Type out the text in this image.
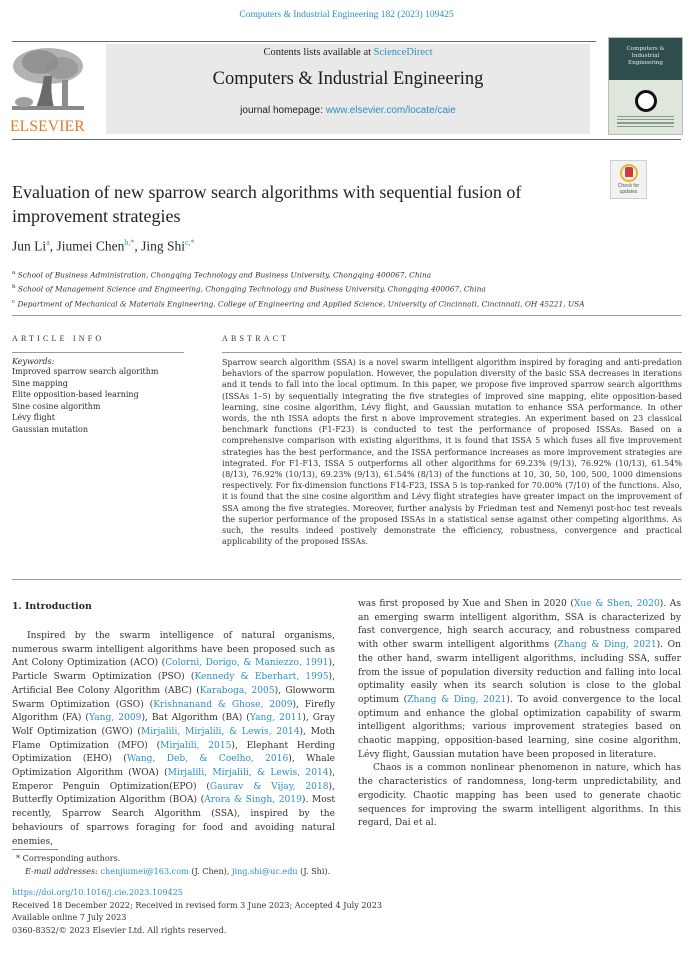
Computers & Industrial Engineering 182 (2023) 109425
ELSEVIER
Contents lists available at ScienceDirect
Computers & Industrial Engineering
journal homepage: www.elsevier.com/locate/caie
Computers &
Industrial
Engineering
Check for
updates
Evaluation of new sparrow search algorithms with sequential fusion of improvement strategies
Jun Li$^a$, Jiumei Chen$^{b,*}$, Jing Shi$^{c,*}$
$^a$ School of Business Administration, Chongqing Technology and Business University, Chongqing 400067, China
$^b$ School of Management Science and Engineering, Chongqing Technology and Business University, Chongqing 400067, China
$^c$ Department of Mechanical & Materials Engineering, College of Engineering and Applied Science, University of Cincinnati, Cincinnati, OH 45221, USA
ARTICLE INFO
Keywords:
Improved sparrow search algorithm
Sine mapping
Elite opposition-based learning
Sine cosine algorithm
Lévy flight
Gaussian mutation
ABSTRACT
Sparrow search algorithm (SSA) is a novel swarm intelligent algorithm inspired by foraging and anti-predation behaviors of the sparrow population. However, the population diversity of the basic SSA decreases in iterations and it tends to fall into the local optimum. In this paper, we propose five improved sparrow search algorithms (ISSAs 1–5) by sequentially integrating the five strategies of improved sine mapping, elite opposition-based learning, sine cosine algorithm, Lévy flight, and Gaussian mutation to enhance SSA performance. In other words, the nth ISSA adopts the first n above improvement strategies. An experiment based on 23 classical benchmark functions (F1-F23) is conducted to test the performance of proposed ISSAs. Based on a comprehensive comparison with existing algorithms, it is found that ISSA 5 which fuses all five improvement strategies has the best performance, and the ISSA performance increases as more improvement strategies are integrated. For F1-F13, ISSA 5 outperforms all other algorithms for 69.23% (9/13), 76.92% (10/13), 61.54% (8/13), 76.92% (10/13), 69.23% (9/13), 61.54% (8/13) of the functions at 10, 30, 50, 100, 500, 1000 dimensions respectively. For fix-dimension functions F14-F23, ISSA 5 is top-ranked for 70.00% (7/10) of the functions. Also, it is found that the sine cosine algorithm and Lévy flight strategies have greater impact on the improvement of SSA among the five strategies. Moreover, further analysis by Friedman test and Nemenyi post-hoc test reveals the superior performance of the proposed ISSAs in a statistical sense against other competing algorithms. As such, the results indeed postively demonstrate the efficiency, robustness, convergence and practical applicability of the proposed ISSAs.
1. Introduction

Inspired by the swarm intelligence of natural organisms, numerous swarm intelligent algorithms have been proposed such as Ant Colony Optimization (ACO) (Colorni, Dorigo, & Maniezzo, 1991), Particle Swarm Optimization (PSO) (Kennedy & Eberhart, 1995), Artificial Bee Colony Algorithm (ABC) (Karaboga, 2005), Glowworm Swarm Optimization (GSO) (Krishnanand & Ghose, 2009), Firefly Algorithm (FA) (Yang, 2009), Bat Algorithm (BA) (Yang, 2011), Gray Wolf Optimization (GWO) (Mirjalili, Mirjalili, & Lewis, 2014), Moth Flame Optimization (MFO) (Mirjalili, 2015), Elephant Herding Optimization (EHO) (Wang, Deb, & Coelho, 2016), Whale Optimization Algorithm (WOA) (Mirjalili, Mirjalili, & Lewis, 2014), Emperor Penguin Optimization(EPO) (Gaurav & Vijay, 2018), Butterfly Optimization Algorithm (BOA) (Arora & Singh, 2019). Most recently, Sparrow Search Algorithm (SSA), inspired by the behaviours of sparrows foraging for food and avoiding natural enemies,

was first proposed by Xue and Shen in 2020 (Xue & Shen, 2020). As an emerging swarm intelligent algorithm, SSA is characterized by fast convergence, high search accuracy, and robustness compared with other swarm intelligent algorithms (Zhang & Ding, 2021). On the other hand, swarm intelligent algorithms, including SSA, suffer from the issue of population diversity reduction and falling into local optimality easily when its search solution is close to the global optimum (Zhang & Ding, 2021). To avoid convergence to the local optimum and enhance the global optimization capability of swarm intelligent algorithms; various improvement strategies based on chaotic mapping, opposition-based learning, sine cosine algorithm, Lévy flight, Gaussian mutation have been proposed in literature.

Chaos is a common nonlinear phenomenon in nature, which has the characteristics of randomness, long-term unpredictability, and ergodicity. Chaotic mapping has been used to generate chaotic sequences for improving the swarm intelligent algorithms. In this regard, Dai et al.

* Corresponding authors.
E-mail addresses: chenjiumei@163.com (J. Chen), jing.shi@uc.edu (J. Shi).
https://doi.org/10.1016/j.cie.2023.109425
Received 18 December 2022; Received in revised form 3 June 2023; Accepted 4 July 2023
Available online 7 July 2023
0360-8352/© 2023 Elsevier Ltd. All rights reserved.
